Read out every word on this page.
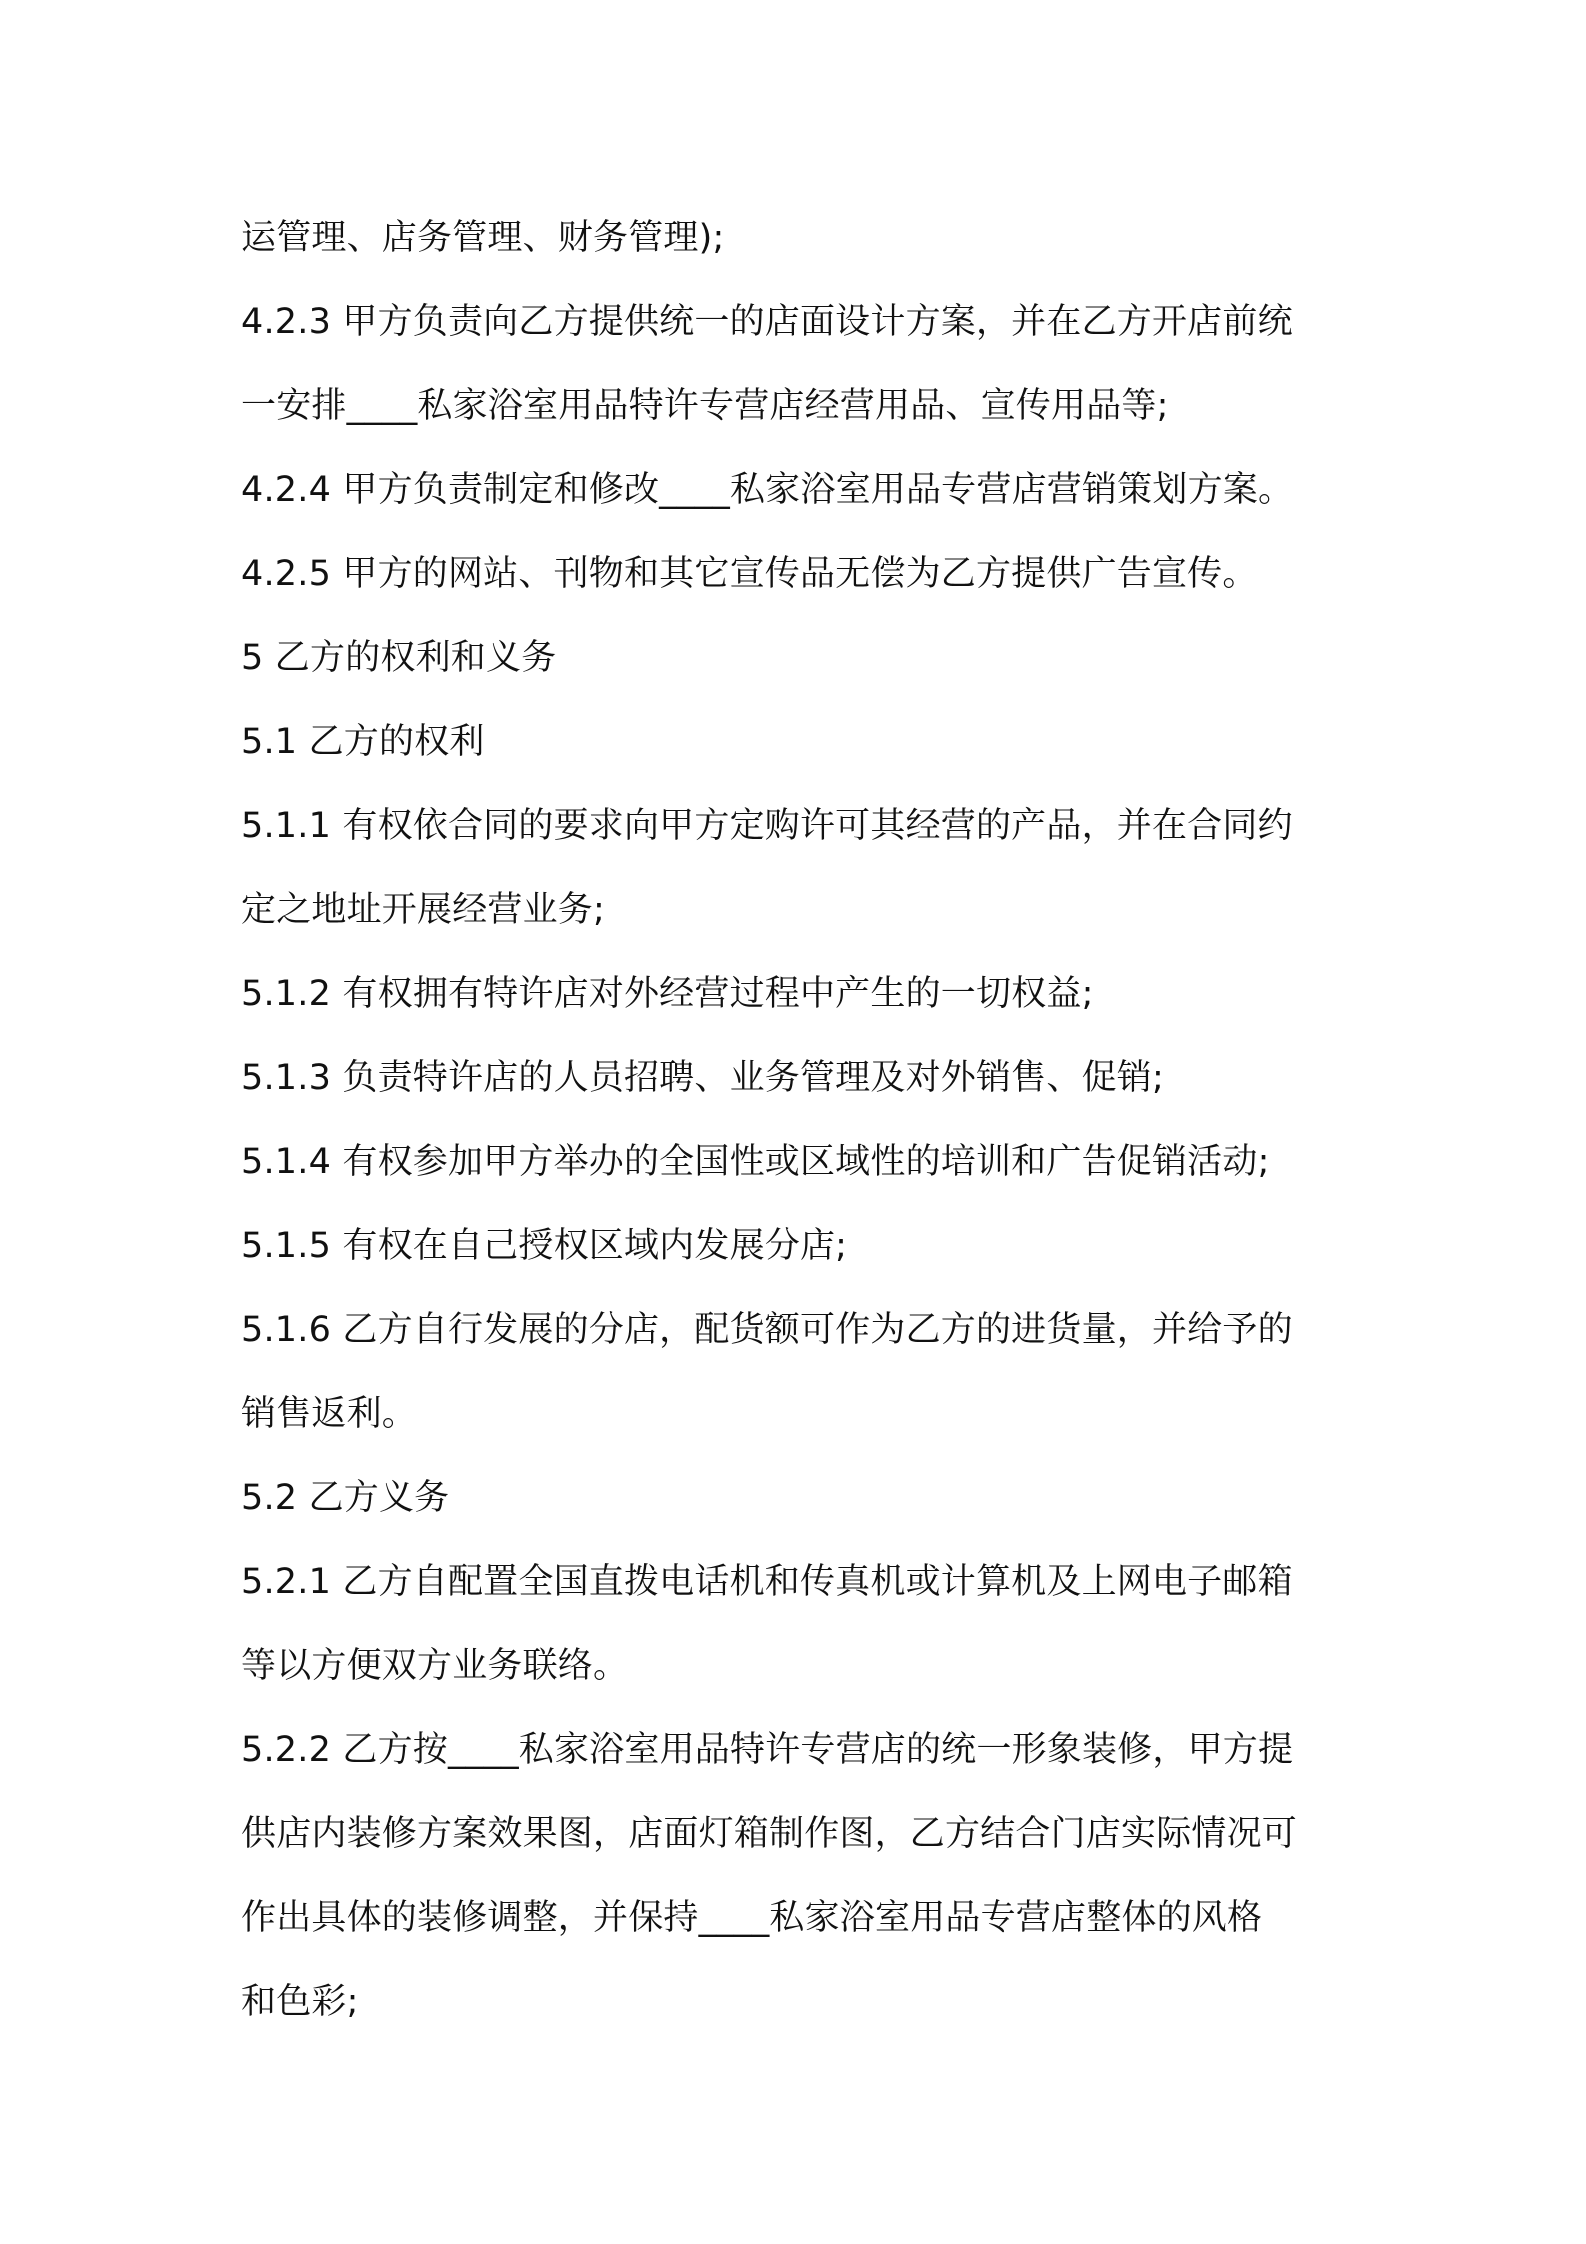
运管理、店务管理、财务管理);
4.2.3 甲方负责向乙方提供统一的店面设计方案，并在乙方开店前统
一安排____私家浴室用品特许专营店经营用品、宣传用品等;
4.2.4 甲方负责制定和修改____私家浴室用品专营店营销策划方案。
4.2.5 甲方的网站、刊物和其它宣传品无偿为乙方提供广告宣传。
5 乙方的权利和义务
5.1 乙方的权利
5.1.1 有权依合同的要求向甲方定购许可其经营的产品，并在合同约
定之地址开展经营业务;
5.1.2 有权拥有特许店对外经营过程中产生的一切权益;
5.1.3 负责特许店的人员招聘、业务管理及对外销售、促销;
5.1.4 有权参加甲方举办的全国性或区域性的培训和广告促销活动;
5.1.5 有权在自己授权区域内发展分店;
5.1.6 乙方自行发展的分店，配货额可作为乙方的进货量，并给予的
销售返利。
5.2 乙方义务
5.2.1 乙方自配置全国直拨电话机和传真机或计算机及上网电子邮箱
等以方便双方业务联络。
5.2.2 乙方按____私家浴室用品特许专营店的统一形象装修，甲方提
供店内装修方案效果图，店面灯箱制作图，乙方结合门店实际情况可
作出具体的装修调整，并保持____私家浴室用品专营店整体的风格
和色彩;
